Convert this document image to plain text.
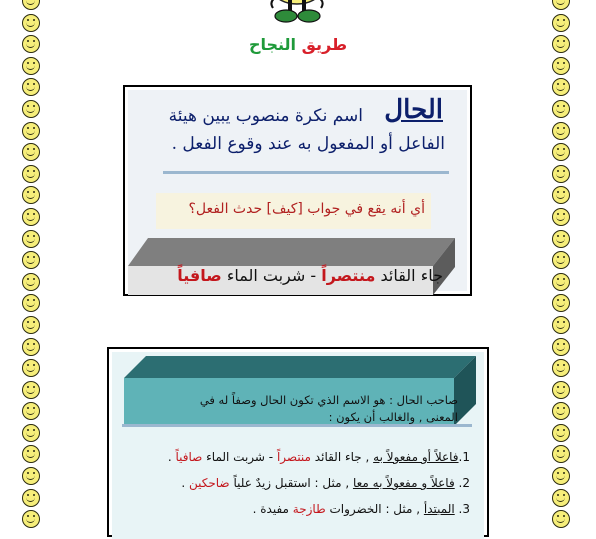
طريق النجاح
اسم نكرة منصوب يبين هيئة الفاعل أو المفعول به عند وقوع الفعل .
الحال
أي أنه يقع في جواب [كيف] حدث الفعل؟
جاء القائد منتصراً - شربت الماء صافياً
صاحب الحال : هو الاسم الذي تكون الحال وصفاً له في المعنى , والغالب أن يكون :
1.فاعلاً أو مفعولاً به , جاء القائد منتصراً - شربت الماء صافياً .
2. فاعلاً و مفعولاً به معا , مثل : استقبل زيدٌ علياً ضاحكين .
3. المبتدأ , مثل : الخضروات طازجة مفيدة .
